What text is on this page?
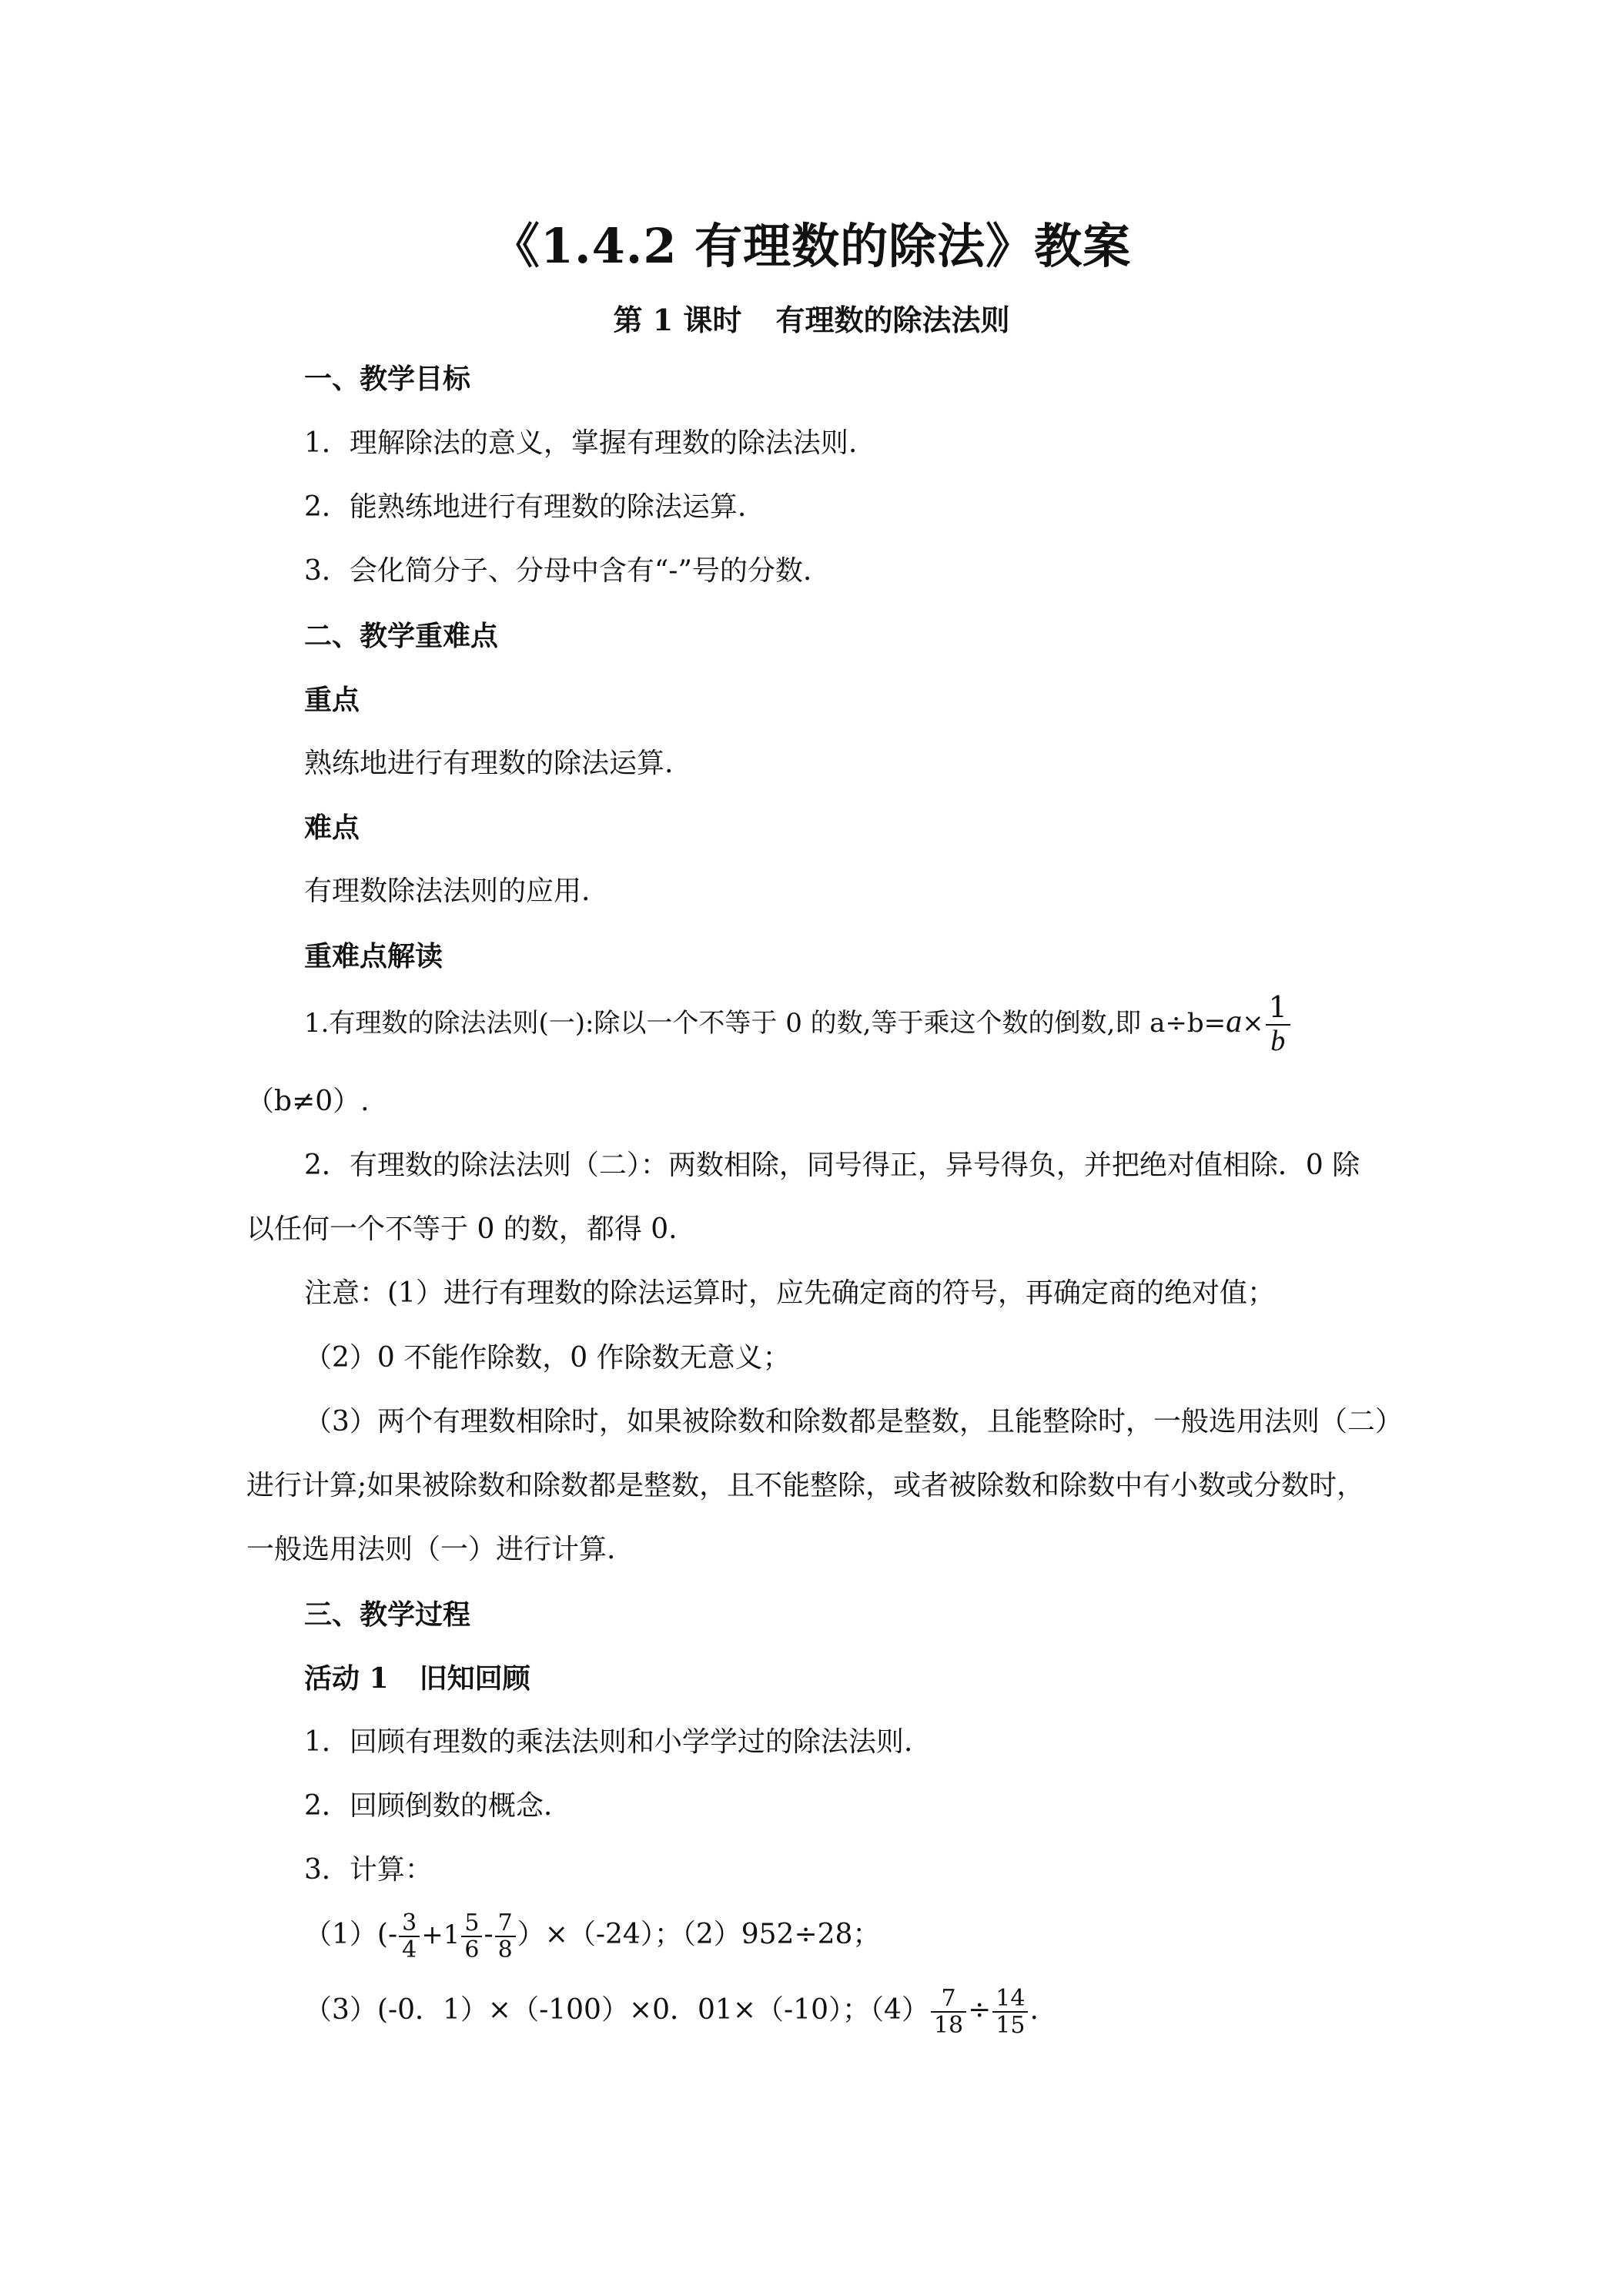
《1.4.2 有理数的除法》教案
第 1 课时 有理数的除法法则
一、教学目标
1．理解除法的意义，掌握有理数的除法法则.
2．能熟练地进行有理数的除法运算.
3．会化简分子、分母中含有“-”号的分数.
二、教学重难点
重点
熟练地进行有理数的除法运算.
难点
有理数除法法则的应用.
重难点解读
1.有理数的除法法则(一):除以一个不等于 0 的数,等于乘这个数的倒数,即 $a\div b=a\times \frac{1}{b}$
（b≠0）.
2．有理数的除法法则（二）：两数相除，同号得正，异号得负，并把绝对值相除．0 除
以任何一个不等于 0 的数，都得 0.
注意：(1）进行有理数的除法运算时，应先确定商的符号，再确定商的绝对值；
（2）0 不能作除数，0 作除数无意义；
（3）两个有理数相除时，如果被除数和除数都是整数，且能整除时，一般选用法则（二）
进行计算;如果被除数和除数都是整数，且不能整除，或者被除数和除数中有小数或分数时，
一般选用法则（一）进行计算.
三、教学过程
活动 1 旧知回顾
1．回顾有理数的乘法法则和小学学过的除法法则.
2．回顾倒数的概念.
3．计算：
$(1)(- \frac{3}{4} +1 \frac{5}{6} - \frac{7}{8} )\times(-24)$；（2）952÷28；
（3）(-0．1）×（-100）×0．01×（-10）；$(4) \frac{7}{18} \div \frac{14}{15}$ .
